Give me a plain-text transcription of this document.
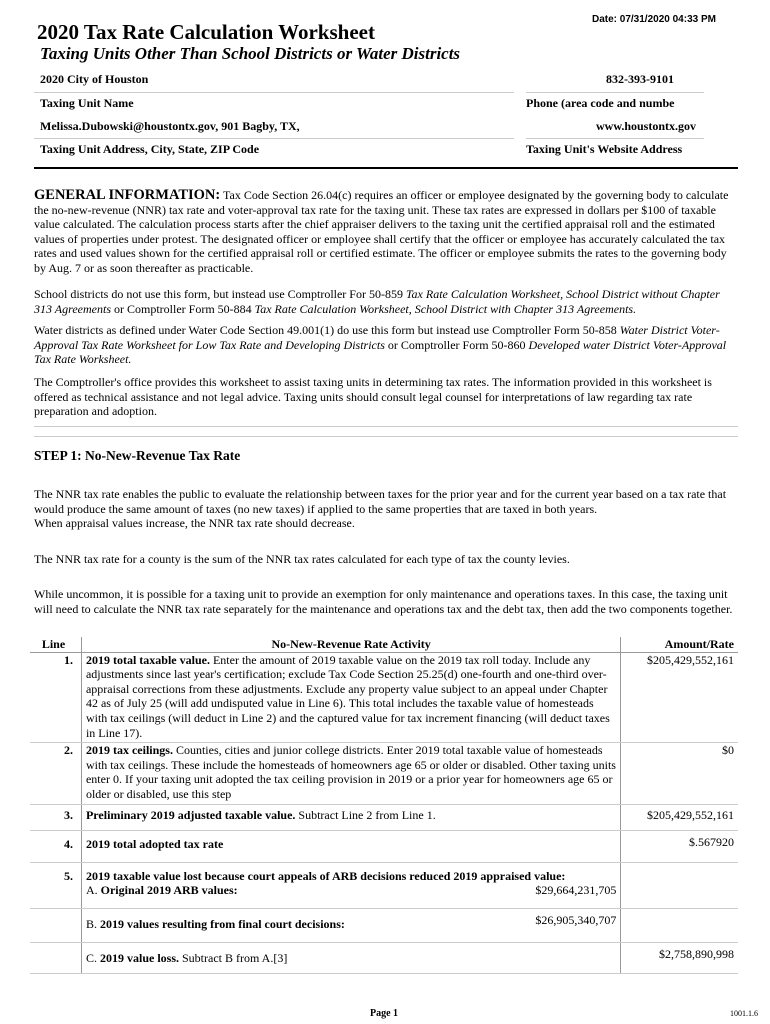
Date: 07/31/2020 04:33 PM
2020 Tax Rate Calculation Worksheet
Taxing Units Other Than School Districts or Water Districts
2020 City of Houston	832-393-9101
Taxing Unit Name	Phone (area code and numbe
Melissa.Dubowski@houstontx.gov, 901 Bagby, TX,	www.houstontx.gov
Taxing Unit Address, City, State, ZIP Code	Taxing Unit's Website Address
GENERAL INFORMATION: Tax Code Section 26.04(c) requires an officer or employee designated by the governing body to calculate the no-new-revenue (NNR) tax rate and voter-approval tax rate for the taxing unit. These tax rates are expressed in dollars per $100 of taxable value calculated. The calculation process starts after the chief appraiser delivers to the taxing unit the certified appraisal roll and the estimated values of properties under protest. The designated officer or employee shall certify that the officer or employee has accurately calculated the tax rates and used values shown for the certified appraisal roll or certified estimate. The officer or employee submits the rates to the governing body by Aug. 7 or as soon thereafter as practicable.
School districts do not use this form, but instead use Comptroller For 50-859 Tax Rate Calculation Worksheet, School District without Chapter 313 Agreements or Comptroller Form 50-884 Tax Rate Calculation Worksheet, School District with Chapter 313 Agreements.
Water districts as defined under Water Code Section 49.001(1) do use this form but instead use Comptroller Form 50-858 Water District Voter-Approval Tax Rate Worksheet for Low Tax Rate and Developing Districts or Comptroller Form 50-860 Developed water District Voter-Approval Tax Rate Worksheet.
The Comptroller's office provides this worksheet to assist taxing units in determining tax rates. The information provided in this worksheet is offered as technical assistance and not legal advice. Taxing units should consult legal counsel for interpretations of law regarding tax rate preparation and adoption.
STEP 1: No-New-Revenue Tax Rate
The NNR tax rate enables the public to evaluate the relationship between taxes for the prior year and for the current year based on a tax rate that would produce the same amount of taxes (no new taxes) if applied to the same properties that are taxed in both years.
When appraisal values increase, the NNR tax rate should decrease.
The NNR tax rate for a county is the sum of the NNR tax rates calculated for each type of tax the county levies.
While uncommon, it is possible for a taxing unit to provide an exemption for only maintenance and operations taxes. In this case, the taxing unit will need to calculate the NNR tax rate separately for the maintenance and operations tax and the debt tax, then add the two components together.
Line	No-New-Revenue Rate Activity		Amount/Rate
1.	2019 total taxable value. Enter the amount of 2019 taxable value on the 2019 tax roll today. Include any adjustments since last year's certification; exclude Tax Code Section 25.25(d) one-fourth and one-third over-appraisal corrections from these adjustments. Exclude any property value subject to an appeal under Chapter 42 as of July 25 (will add undisputed value in Line 6). This total includes the taxable value of homesteads with tax ceilings (will deduct in Line 2) and the captured value for tax increment financing (will deduct taxes in Line 17).		$205,429,552,161
2.	2019 tax ceilings. Counties, cities and junior college districts. Enter 2019 total taxable value of homesteads with tax ceilings. These include the homesteads of homeowners age 65 or older or disabled. Other taxing units enter 0. If your taxing unit adopted the tax ceiling provision in 2019 or a prior year for homeowners age 65 or older or disabled, use this step		$0
3.	Preliminary 2019 adjusted taxable value. Subtract Line 2 from Line 1.		$205,429,552,161
4.	2019 total adopted tax rate		$.567920
5.	2019 taxable value lost because court appeals of ARB decisions reduced 2019 appraised value:		
	A. Original 2019 ARB values:	$29,664,231,705	
	B. 2019 values resulting from final court decisions:	$26,905,340,707	
	C. 2019 value loss. Subtract B from A.[3]		$2,758,890,998
Page 1	1001.1.6
